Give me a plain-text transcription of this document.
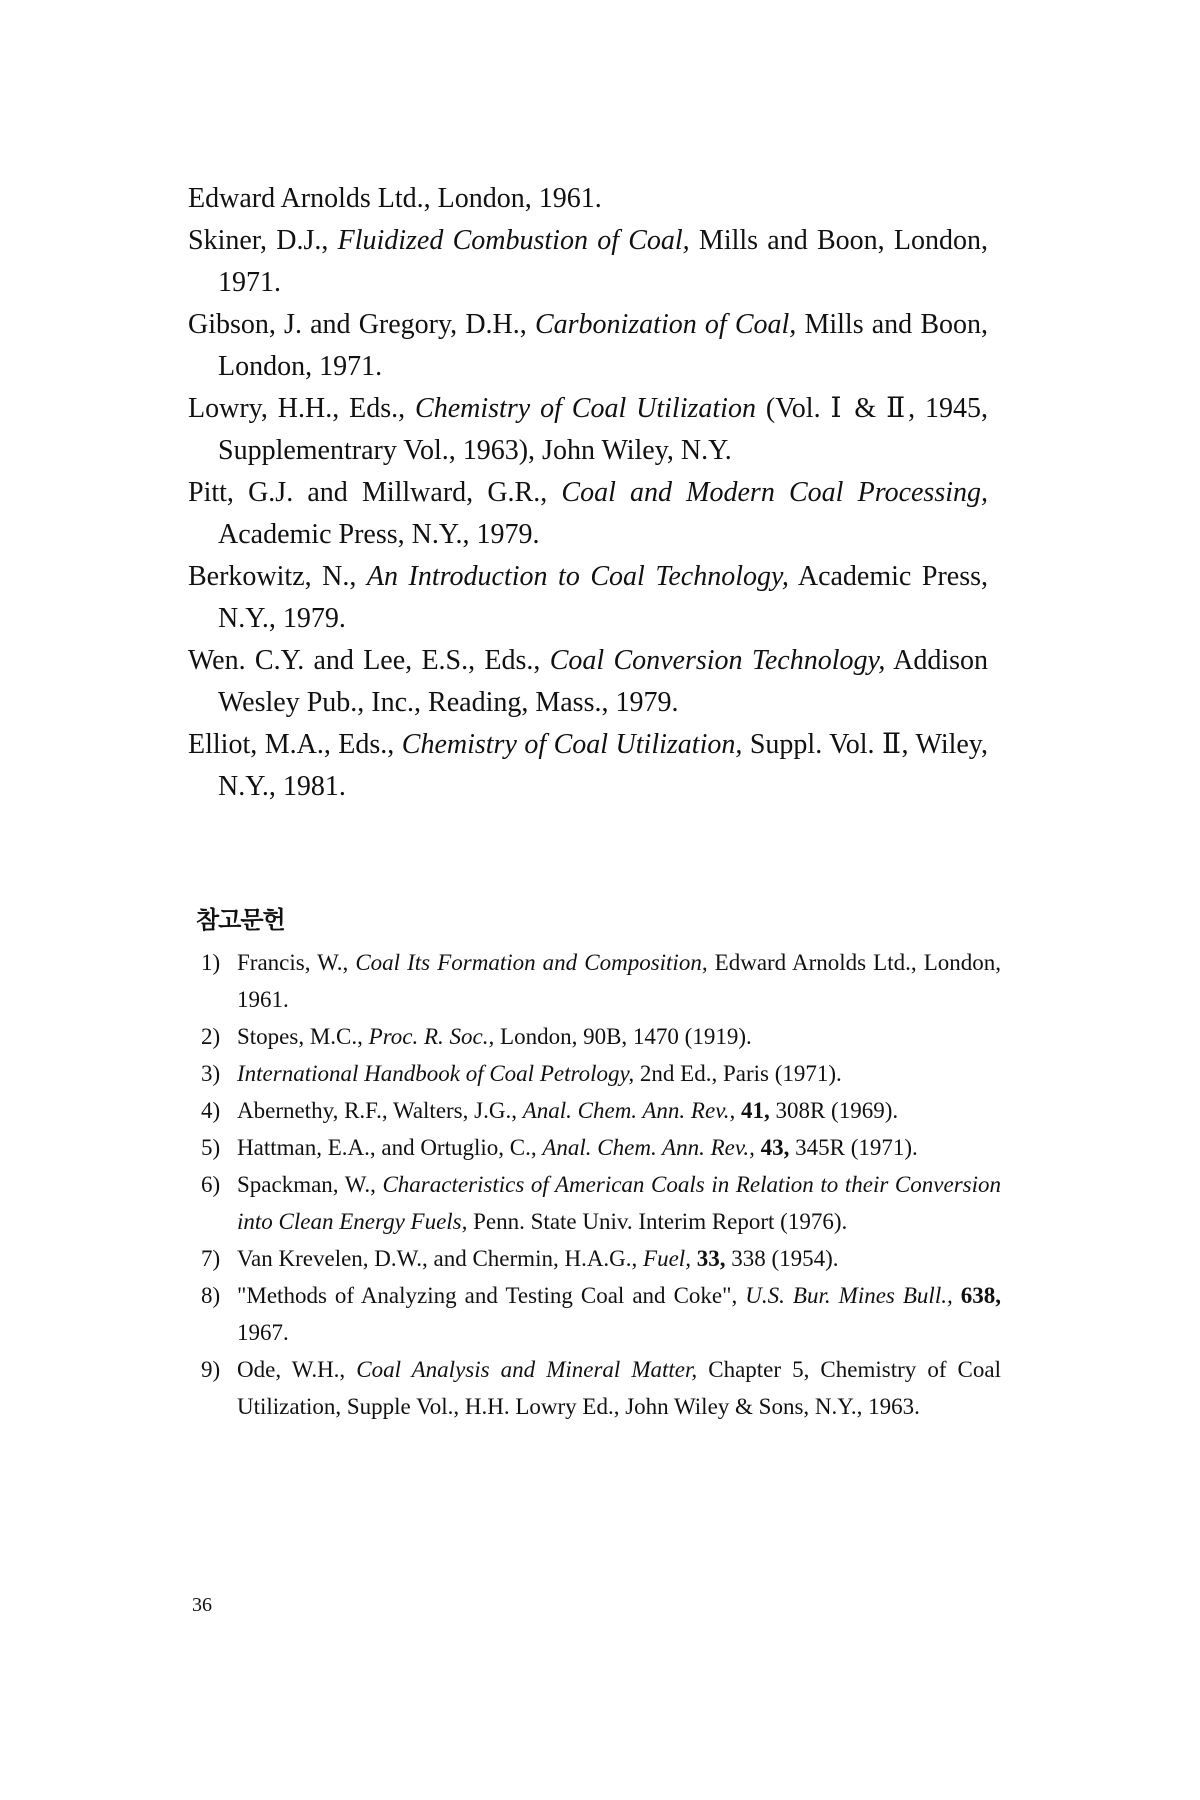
Edward Arnolds Ltd., London, 1961.

Skiner, D.J., Fluidized Combustion of Coal, Mills and Boon, London, 1971.

Gibson, J. and Gregory, D.H., Carbonization of Coal, Mills and Boon, London, 1971.

Lowry, H.H., Eds., Chemistry of Coal Utilization (Vol. Ⅰ & Ⅱ, 1945, Supplementrary Vol., 1963), John Wiley, N.Y.

Pitt, G.J. and Millward, G.R., Coal and Modern Coal Processing, Academic Press, N.Y., 1979.

Berkowitz, N., An Introduction to Coal Technology, Academic Press, N.Y., 1979.

Wen. C.Y. and Lee, E.S., Eds., Coal Conversion Technology, Addison Wesley Pub., Inc., Reading, Mass., 1979.

Elliot, M.A., Eds., Chemistry of Coal Utilization, Suppl. Vol. Ⅱ, Wiley, N.Y., 1981.

참고문헌
1) Francis, W., Coal Its Formation and Composition, Edward Arnolds Ltd., London, 1961.
2) Stopes, M.C., Proc. R. Soc., London, 90B, 1470 (1919).
3) International Handbook of Coal Petrology, 2nd Ed., Paris (1971).
4) Abernethy, R.F., Walters, J.G., Anal. Chem. Ann. Rev., 41, 308R (1969).
5) Hattman, E.A., and Ortuglio, C., Anal. Chem. Ann. Rev., 43, 345R (1971).
6) Spackman, W., Characteristics of American Coals in Relation to their Conversion into Clean Energy Fuels, Penn. State Univ. Interim Report (1976).
7) Van Krevelen, D.W., and Chermin, H.A.G., Fuel, 33, 338 (1954).
8) "Methods of Analyzing and Testing Coal and Coke", U.S. Bur. Mines Bull., 638, 1967.
9) Ode, W.H., Coal Analysis and Mineral Matter, Chapter 5, Chemistry of Coal Utilization, Supple Vol., H.H. Lowry Ed., John Wiley & Sons, N.Y., 1963.

36
